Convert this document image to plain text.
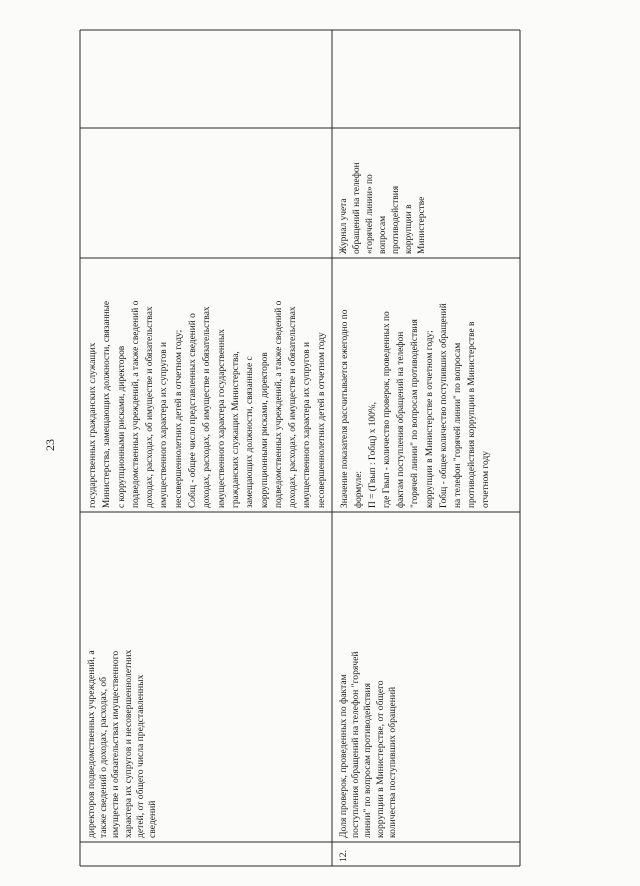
23
директоров подведомственных учреждений, а
также сведений о доходах, расходах, об
имуществе и обязательствах имущественного
характера их супругов и несовершеннолетних
детей, от общего числа представленных
сведений
государственных гражданских служащих
Министерства, замещающих должности, связанные
с коррупционными рисками, директоров
подведомственных учреждений, а также сведений о
доходах, расходах, об имуществе и обязательствах
имущественного характера их супругов и
несовершеннолетних детей в отчетном году;
Собщ - общее число представленных сведений о
доходах, расходах, об имуществе и обязательствах
имущественного характера государственных
гражданских служащих Министерства,
замещающих должности, связанные с
коррупционными рисками, директоров
подведомственных учреждений, а также сведений о
доходах, расходах, об имуществе и обязательствах
имущественного характера их супругов и
несовершеннолетних детей в отчетном году
12.
Доля проверок, проведенных по фактам
поступления обращений на телефон "горячей
линии" по вопросам противодействия
коррупции в Министерстве, от общего
количества поступивших обращений
Значение показателя рассчитывается ежегодно по
формуле:
П = (Гвып : Гобщ) х 100%,
где Гвып - количество проверок, проведенных по
фактам поступления обращений на телефон
"горячей линии" по вопросам противодействия
коррупции в Министерстве в отчетном году;
Гобщ - общее количество поступивших обращений
на телефон "горячей линии" по вопросам
противодействия коррупции в Министерстве в
отчетном году
Журнал учета
обращений на телефон
«горячей линии» по
вопросам
противодействия
коррупции в
Министерстве
